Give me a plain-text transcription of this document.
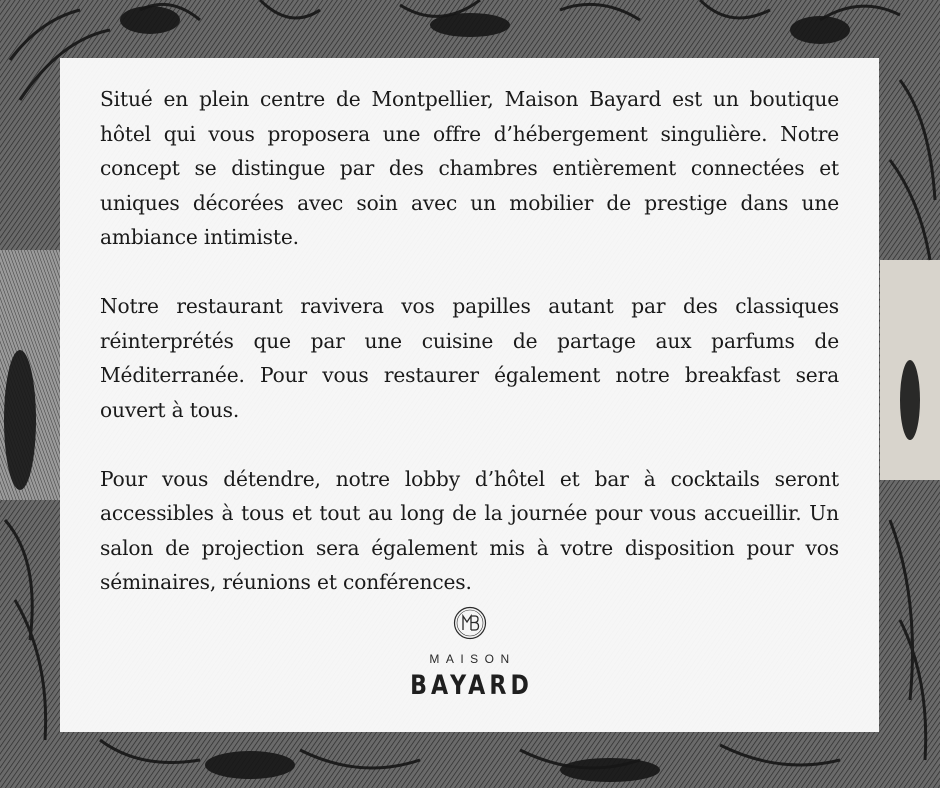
Situé en plein centre de Montpellier, Maison Bayard est un boutique hôtel qui vous proposera une offre d’hébergement singulière. Notre concept se distingue par des chambres entièrement connectées et uniques décorées avec soin avec un mobilier de prestige dans une ambiance intimiste.

Notre restaurant ravivera vos papilles autant par des classiques réinterprétés que par une cuisine de partage aux parfums de Méditerranée. Pour vous restaurer également notre breakfast sera ouvert à tous.

Pour vous détendre, notre lobby d’hôtel et bar à cocktails seront accessibles à tous et tout au long de la journée pour vous accueillir. Un salon de projection sera également mis à votre disposition pour vos séminaires, réunions et conférences.

MAISON
BAYARD
